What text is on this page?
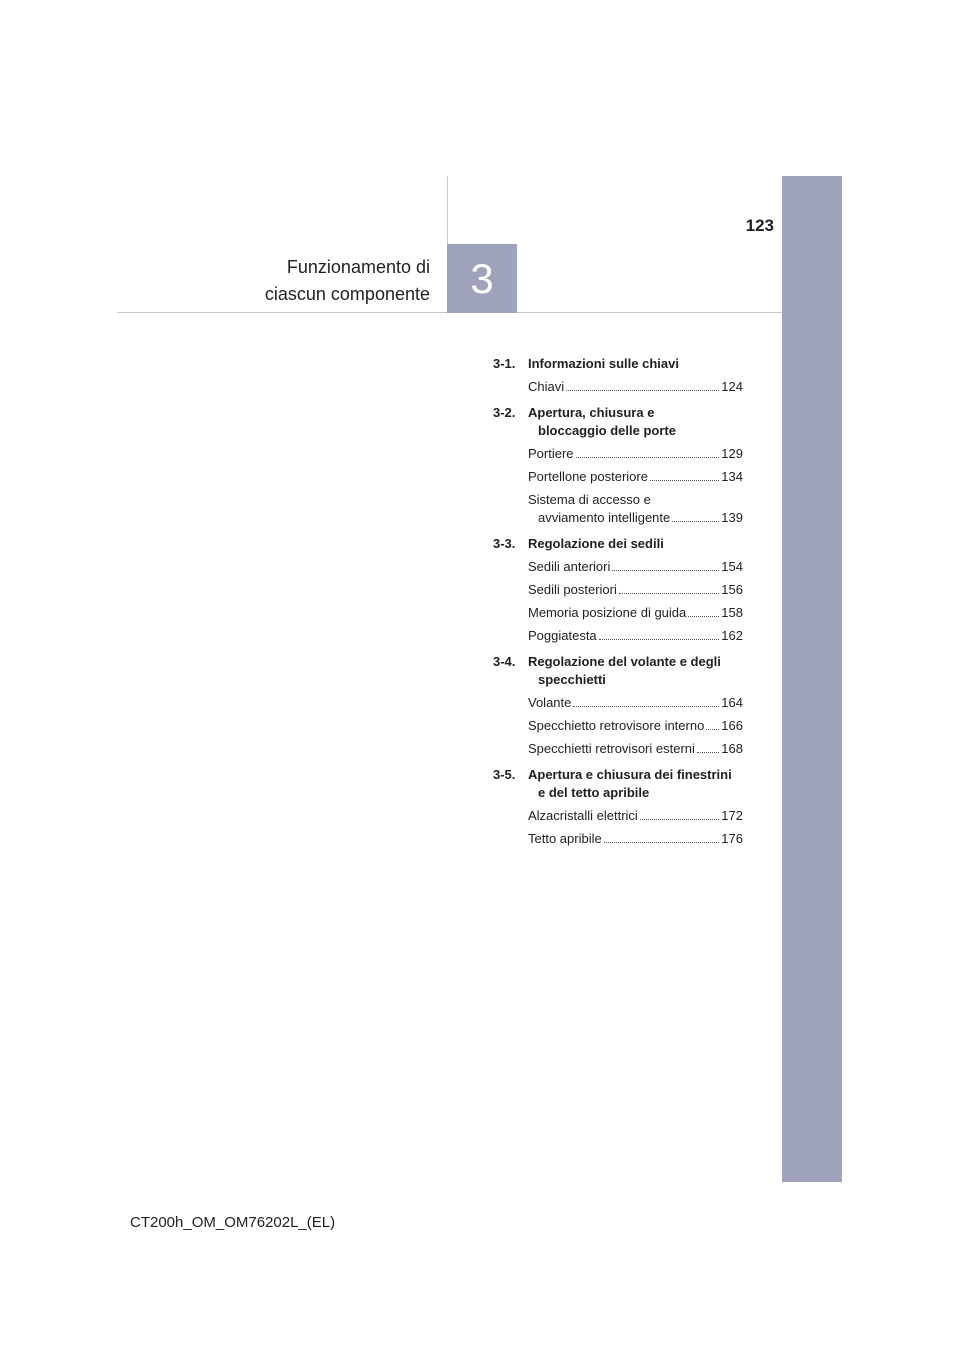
123
Funzionamento di
ciascun componente 3
3-1. Informazioni sulle chiavi
Chiavi	124
3-2. Apertura, chiusura e
bloccaggio delle porte
Portiere	129
Portellone posteriore	134
Sistema di accesso e
avviamento intelligente	139
3-3. Regolazione dei sedili
Sedili anteriori	154
Sedili posteriori	156
Memoria posizione di guida	158
Poggiatesta	162
3-4. Regolazione del volante e degli
specchietti
Volante	164
Specchietto retrovisore interno 166
Specchietti retrovisori esterni 168
3-5. Apertura e chiusura dei finestrini
e del tetto apribile
Alzacristalli elettrici	172
Tetto apribile	176
CT200h_OM_OM76202L_(EL)
